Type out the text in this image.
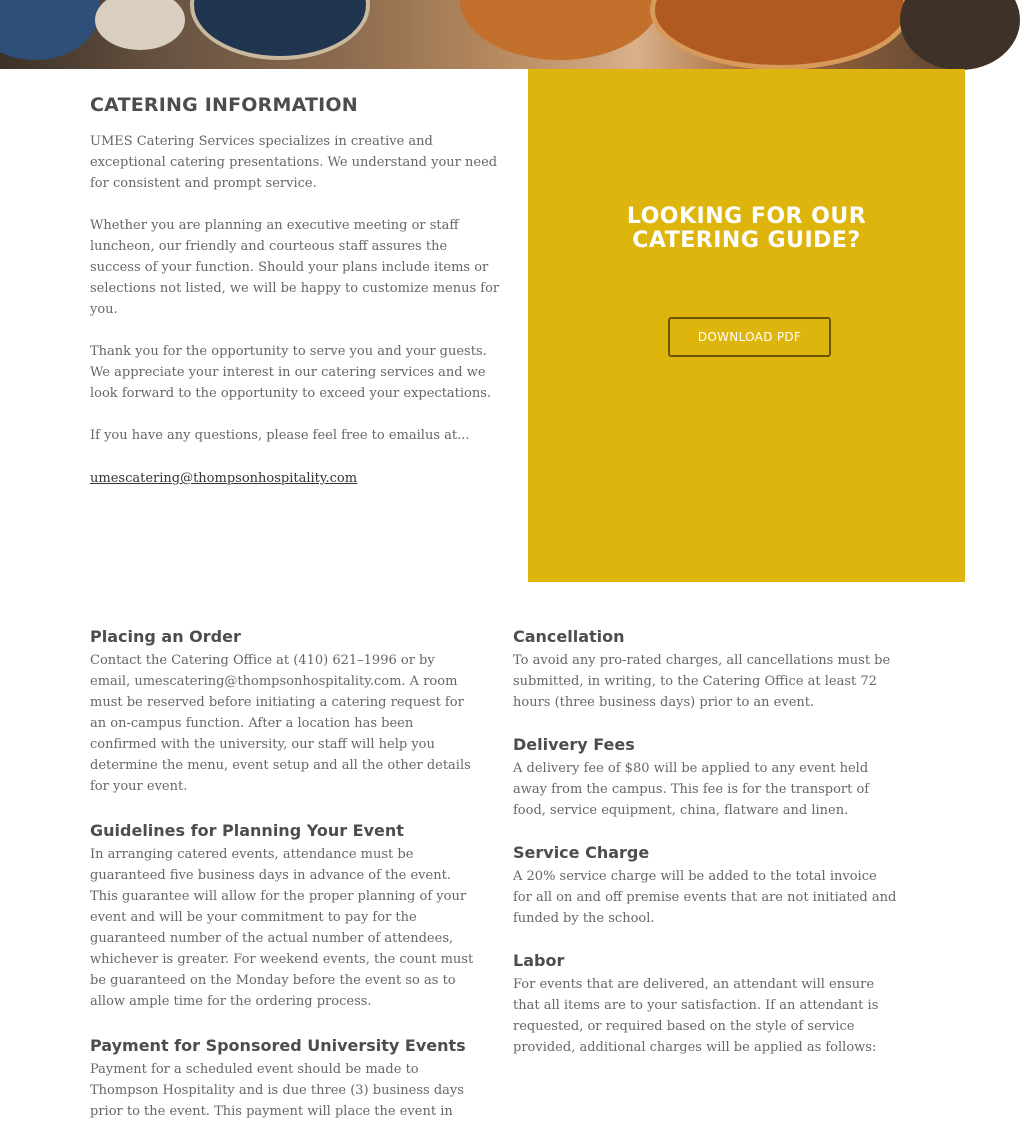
CATERING INFORMATION

UMES Catering Services specializes in creative and exceptional catering presentations. We understand your need for consistent and prompt service.

Whether you are planning an executive meeting or staff luncheon, our friendly and courteous staff assures the success of your function. Should your plans include items or selections not listed, we will be happy to customize menus for you.

Thank you for the opportunity to serve you and your guests. We appreciate your interest in our catering services and we look forward to the opportunity to exceed your expectations.

If you have any questions, please feel free to emailus at...

umescatering@thompsonhospitality.com
LOOKING FOR OUR
CATERING GUIDE?
DOWNLOAD PDF
Placing an Order

Contact the Catering Office at (410) 621–1996 or by email, umescatering@thompsonhospitality.com. A room must be reserved before initiating a catering request for an on-campus function. After a location has been confirmed with the university, our staff will help you determine the menu, event setup and all the other details for your event.

Guidelines for Planning Your Event

In arranging catered events, attendance must be guaranteed five business days in advance of the event. This guarantee will allow for the proper planning of your event and will be your commitment to pay for the guaranteed number of the actual number of attendees, whichever is greater. For weekend events, the count must be guaranteed on the Monday before the event so as to allow ample time for the ordering process.

Payment for Sponsored University Events

Payment for a scheduled event should be made to Thompson Hospitality and is due three (3) business days prior to the event. This payment will place the event in

Cancellation

To avoid any pro-rated charges, all cancellations must be submitted, in writing, to the Catering Office at least 72 hours (three business days) prior to an event.

Delivery Fees

A delivery fee of $80 will be applied to any event held away from the campus. This fee is for the transport of food, service equipment, china, flatware and linen.

Service Charge

A 20% service charge will be added to the total invoice for all on and off premise events that are not initiated and funded by the school.

Labor

For events that are delivered, an attendant will ensure that all items are to your satisfaction. If an attendant is requested, or required based on the style of service provided, additional charges will be applied as follows:
